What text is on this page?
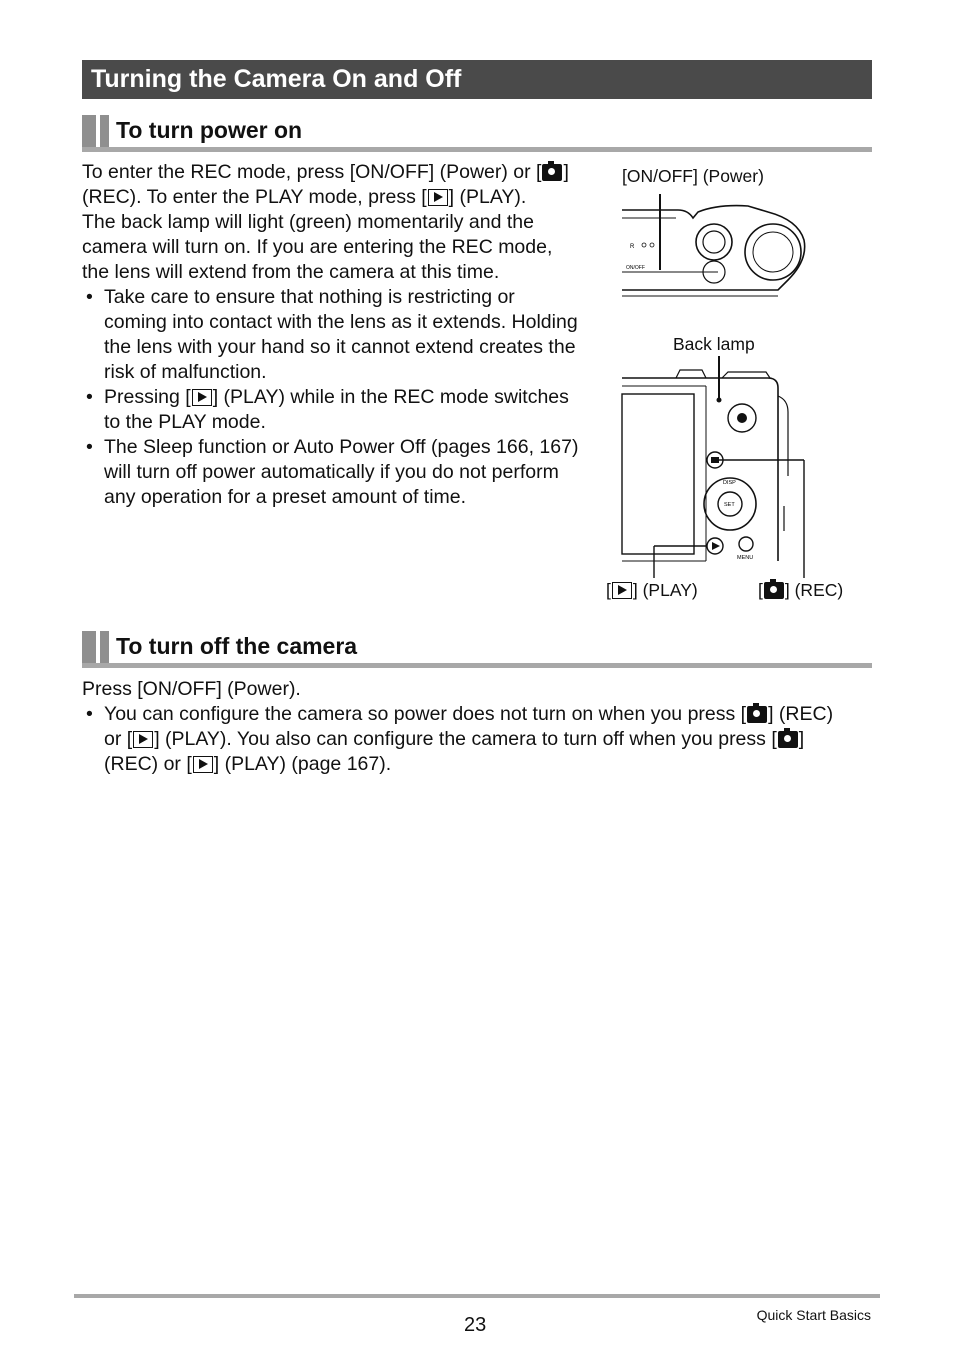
Turning the Camera On and Off
To turn power on

To enter the REC mode, press [ON/OFF] (Power) or [ ] (REC). To enter the PLAY mode, press [ ] (PLAY).

The back lamp will light (green) momentarily and the camera will turn on. If you are entering the REC mode, the lens will extend from the camera at this time.

• Take care to ensure that nothing is restricting or coming into contact with the lens as it extends. Holding the lens with your hand so it cannot extend creates the risk of malfunction.
• Pressing [ ] (PLAY) while in the REC mode switches to the PLAY mode.
• The Sleep function or Auto Power Off (pages 166, 167) will turn off power automatically if you do not perform any operation for a preset amount of time.
[ON/OFF] (Power)
Back lamp
[ ] (PLAY)	[ ] (REC)
R
ON/OFF
DISP
SET
MENU
To turn off the camera

Press [ON/OFF] (Power).

• You can configure the camera so power does not turn on when you press [ ] (REC) or [ ] (PLAY). You also can configure the camera to turn off when you press [ ] (REC) or [ ] (PLAY) (page 167).
23	Quick Start Basics
